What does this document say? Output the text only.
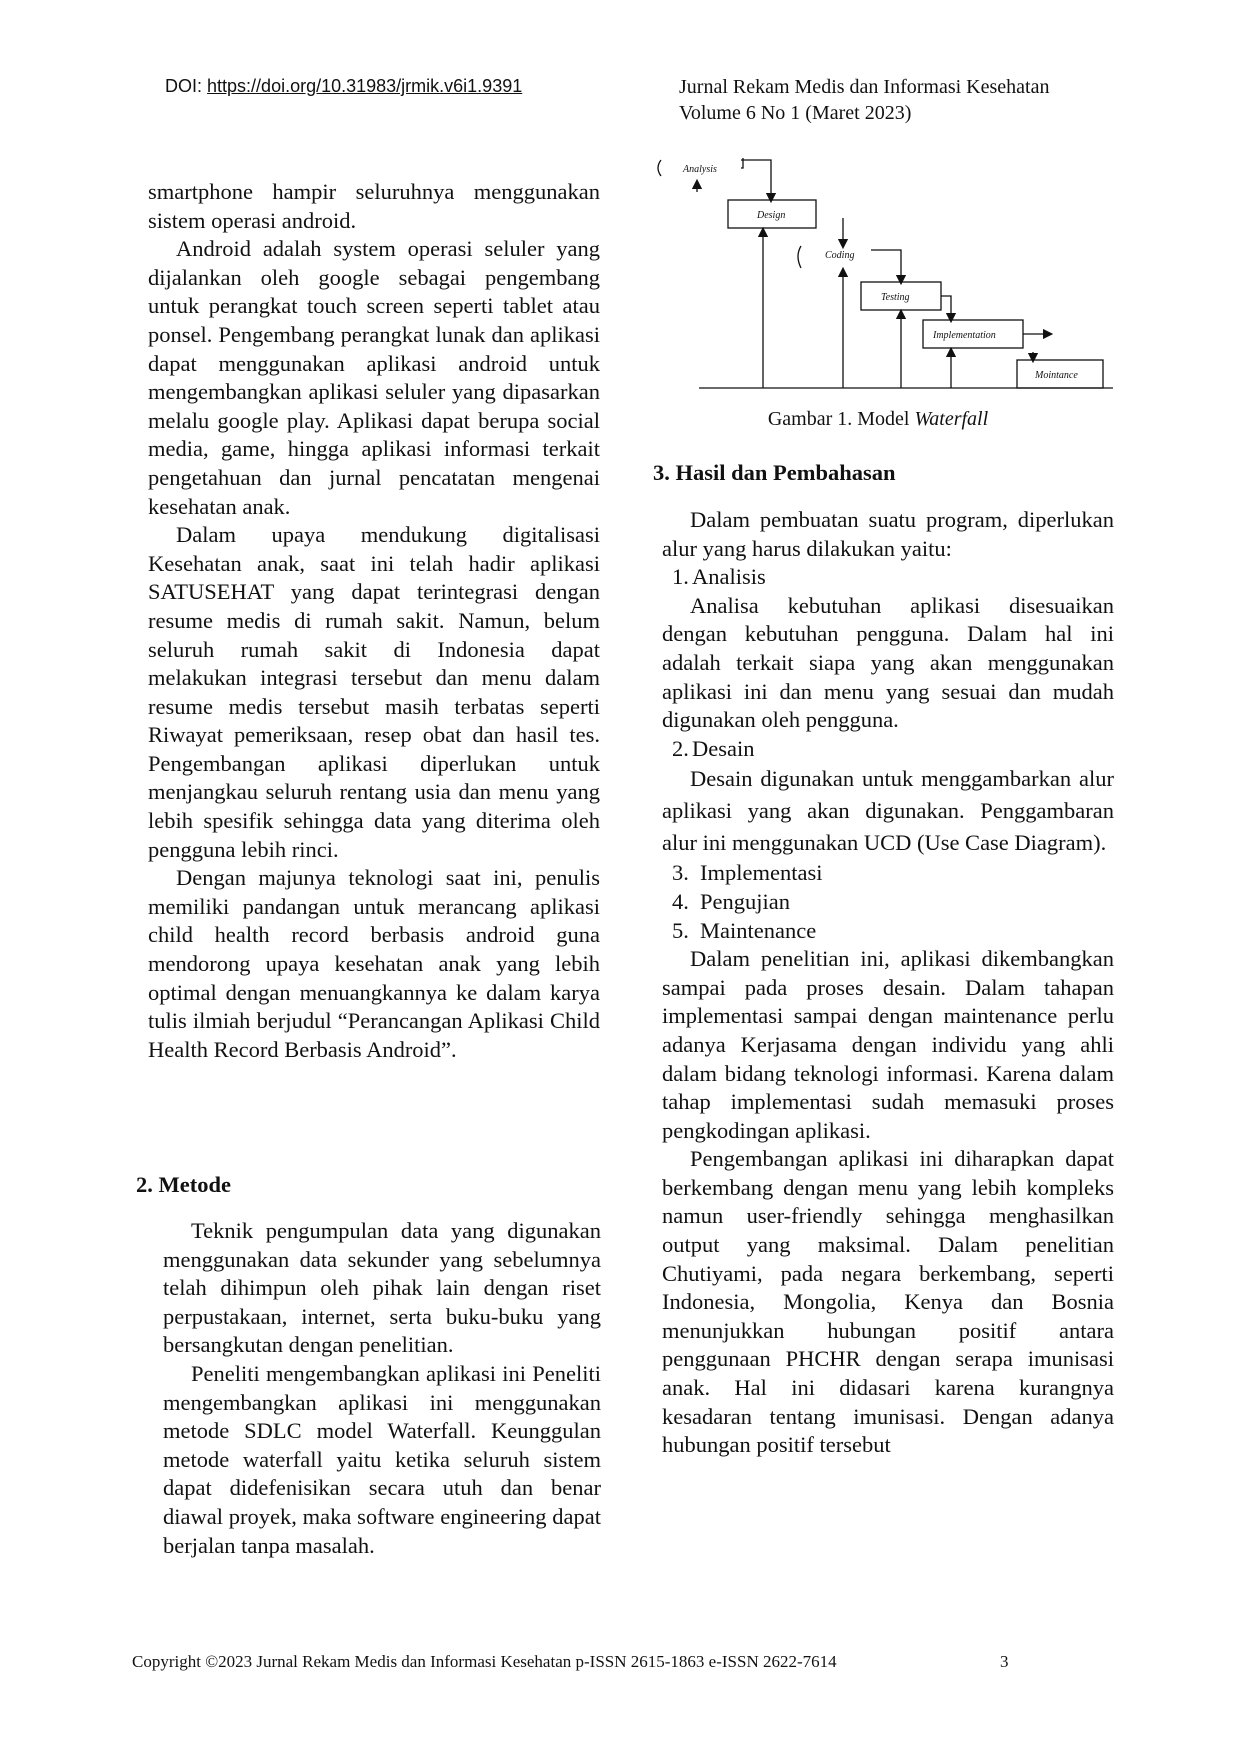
DOI: https://doi.org/10.31983/jrmik.v6i1.9391	Jurnal Rekam Medis dan Informasi Kesehatan
Volume 6 No 1 (Maret 2023)

smartphone hampir seluruhnya menggunakan sistem operasi android.

Android adalah system operasi seluler yang dijalankan oleh google sebagai pengembang untuk perangkat touch screen seperti tablet atau ponsel. Pengembang perangkat lunak dan aplikasi dapat menggunakan aplikasi android untuk mengembangkan aplikasi seluler yang dipasarkan melalu google play. Aplikasi dapat berupa social media, game, hingga aplikasi informasi terkait pengetahuan dan jurnal pencatatan mengenai kesehatan anak.

Dalam upaya mendukung digitalisasi Kesehatan anak, saat ini telah hadir aplikasi SATUSEHAT yang dapat terintegrasi dengan resume medis di rumah sakit. Namun, belum seluruh rumah sakit di Indonesia dapat melakukan integrasi tersebut dan menu dalam resume medis tersebut masih terbatas seperti Riwayat pemeriksaan, resep obat dan hasil tes. Pengembangan aplikasi diperlukan untuk menjangkau seluruh rentang usia dan menu yang lebih spesifik sehingga data yang diterima oleh pengguna lebih rinci.

Dengan majunya teknologi saat ini, penulis memiliki pandangan untuk merancang aplikasi child health record berbasis android guna mendorong upaya kesehatan anak yang lebih optimal dengan menuangkannya ke dalam karya tulis ilmiah berjudul “Perancangan Aplikasi Child Health Record Berbasis Android”.

2. Metode

Teknik pengumpulan data yang digunakan menggunakan data sekunder yang sebelumnya telah dihimpun oleh pihak lain dengan riset perpustakaan, internet, serta buku-buku yang bersangkutan dengan penelitian.

Peneliti mengembangkan aplikasi ini Peneliti mengembangkan aplikasi ini menggunakan metode SDLC model Waterfall. Keunggulan metode waterfall yaitu ketika seluruh sistem dapat didefenisikan secara utuh dan benar diawal proyek, maka software engineering dapat berjalan tanpa masalah.

Analysis
Design
Coding
Testing
Implementation
Mointance
Gambar 1. Model Waterfall
3. Hasil dan Pembahasan

Dalam pembuatan suatu program, diperlukan alur yang harus dilakukan yaitu:

1. Analisis

Analisa kebutuhan aplikasi disesuaikan dengan kebutuhan pengguna. Dalam hal ini adalah terkait siapa yang akan menggunakan aplikasi ini dan menu yang sesuai dan mudah digunakan oleh pengguna.

2. Desain

Desain digunakan untuk menggambarkan alur aplikasi yang akan digunakan. Penggambaran alur ini menggunakan UCD (Use Case Diagram).

3. Implementasi
4. Pengujian
5. Maintenance

Dalam penelitian ini, aplikasi dikembangkan sampai pada proses desain. Dalam tahapan implementasi sampai dengan maintenance perlu adanya Kerjasama dengan individu yang ahli dalam bidang teknologi informasi. Karena dalam tahap implementasi sudah memasuki proses pengkodingan aplikasi.

Pengembangan aplikasi ini diharapkan dapat berkembang dengan menu yang lebih kompleks namun user-friendly sehingga menghasilkan output yang maksimal. Dalam penelitian Chutiyami, pada negara berkembang, seperti Indonesia, Mongolia, Kenya dan Bosnia menunjukkan hubungan positif antara penggunaan PHCHR dengan serapa imunisasi anak. Hal ini didasari karena kurangnya kesadaran tentang imunisasi. Dengan adanya hubungan positif tersebut

Copyright ©2023 Jurnal Rekam Medis dan Informasi Kesehatan p-ISSN 2615-1863 e-ISSN 2622-7614	3
